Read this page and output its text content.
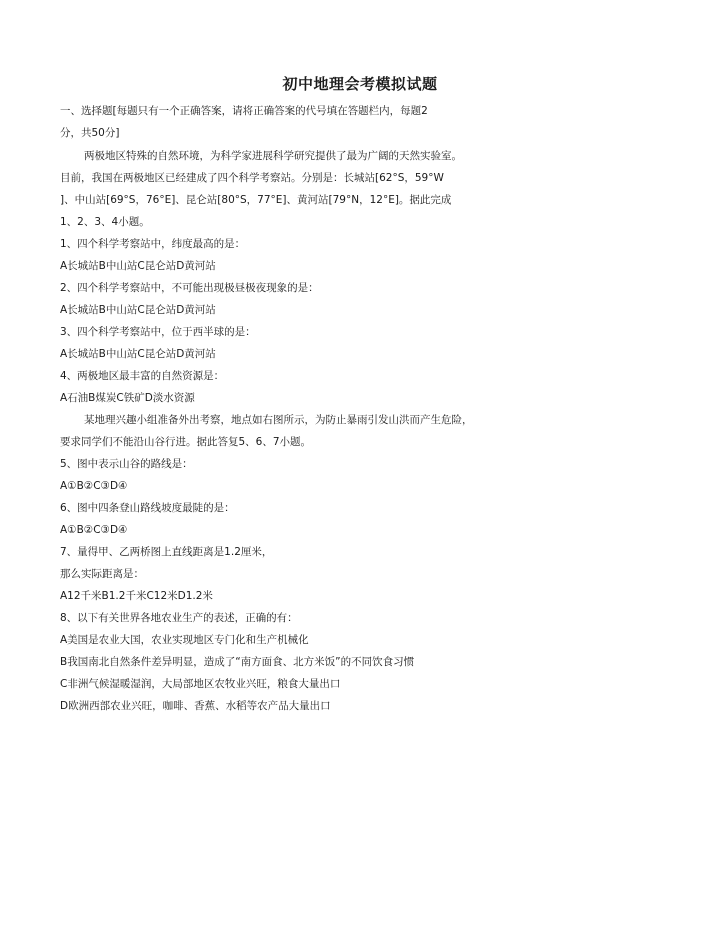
初中地理会考模拟试题
一、选择题[每题只有一个正确答案，请将正确答案的代号填在答题栏内，每题2
分，共50分]
两极地区特殊的自然环境，为科学家进展科学研究提供了最为广阔的天然实验室。
目前，我国在两极地区已经建成了四个科学考察站。分别是：长城站[62°S，59°W
]、中山站[69°S，76°E]、昆仑站[80°S，77°E]、黄河站[79°N，12°E]。据此完成
1、2、3、4小题。
1、四个科学考察站中，纬度最高的是：
A长城站B中山站C昆仑站D黄河站
2、四个科学考察站中，不可能出现极昼极夜现象的是：
A长城站B中山站C昆仑站D黄河站
3、四个科学考察站中，位于西半球的是：
A长城站B中山站C昆仑站D黄河站
4、两极地区最丰富的自然资源是：
A石油B煤炭C铁矿D淡水资源
某地理兴趣小组准备外出考察，地点如右图所示，为防止暴雨引发山洪而产生危险，
要求同学们不能沿山谷行进。据此答复5、6、7小题。
5、图中表示山谷的路线是：
A①B②C③D④
6、图中四条登山路线坡度最陡的是：
A①B②C③D④
7、量得甲、乙两桥图上直线距离是1.2厘米，
那么实际距离是：
A12千米B1.2千米C12米D1.2米
8、以下有关世界各地农业生产的表述，正确的有：
A美国是农业大国，农业实现地区专门化和生产机械化
B我国南北自然条件差异明显，造成了“南方面食、北方米饭”的不同饮食习惯
C非洲气候湿暖湿润，大局部地区农牧业兴旺，粮食大量出口
D欧洲西部农业兴旺，咖啡、香蕉、水稻等农产品大量出口
